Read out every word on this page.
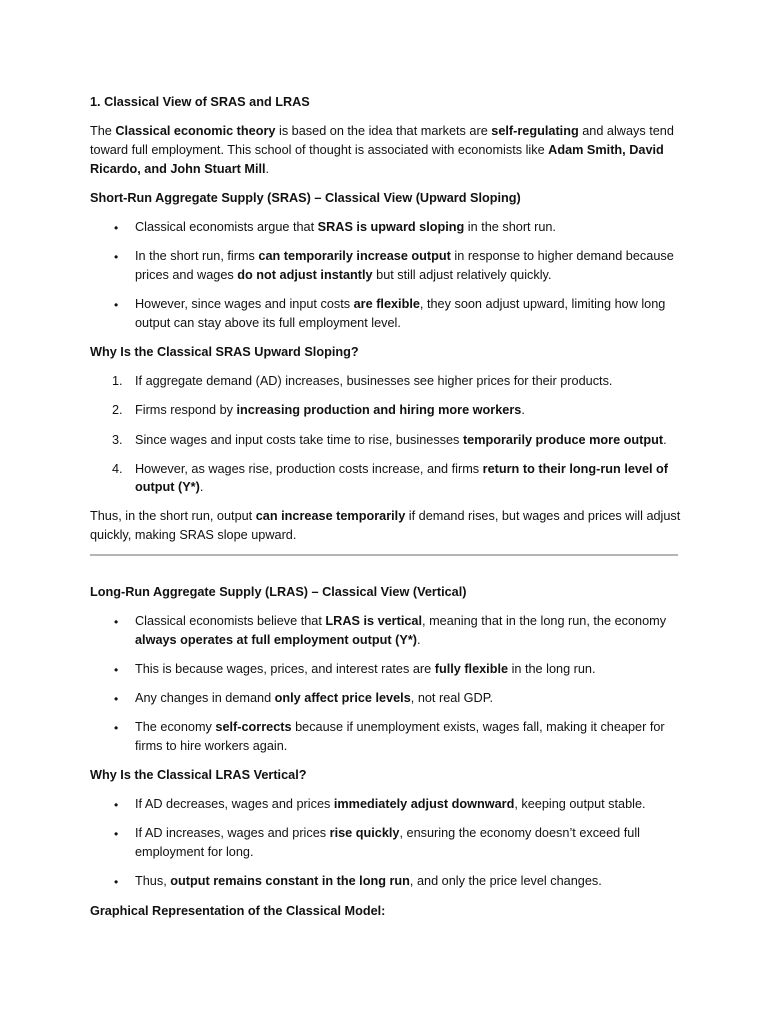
1. Classical View of SRAS and LRAS
The Classical economic theory is based on the idea that markets are self-regulating and always tend
toward full employment. This school of thought is associated with economists like Adam Smith, David
Ricardo, and John Stuart Mill.
Short-Run Aggregate Supply (SRAS) – Classical View (Upward Sloping)
• Classical economists argue that SRAS is upward sloping in the short run.
• In the short run, firms can temporarily increase output in response to higher demand because
prices and wages do not adjust instantly but still adjust relatively quickly.
• However, since wages and input costs are flexible, they soon adjust upward, limiting how long
output can stay above its full employment level.
Why Is the Classical SRAS Upward Sloping?
1. If aggregate demand (AD) increases, businesses see higher prices for their products.
2. Firms respond by increasing production and hiring more workers.
3. Since wages and input costs take time to rise, businesses temporarily produce more output.
4. However, as wages rise, production costs increase, and firms return to their long-run level of
output (Y*).
Thus, in the short run, output can increase temporarily if demand rises, but wages and prices will adjust
quickly, making SRAS slope upward.
Long-Run Aggregate Supply (LRAS) – Classical View (Vertical)
• Classical economists believe that LRAS is vertical, meaning that in the long run, the economy
always operates at full employment output (Y*).
• This is because wages, prices, and interest rates are fully flexible in the long run.
• Any changes in demand only affect price levels, not real GDP.
• The economy self-corrects because if unemployment exists, wages fall, making it cheaper for
firms to hire workers again.
Why Is the Classical LRAS Vertical?
• If AD decreases, wages and prices immediately adjust downward, keeping output stable.
• If AD increases, wages and prices rise quickly, ensuring the economy doesn’t exceed full
employment for long.
• Thus, output remains constant in the long run, and only the price level changes.
Graphical Representation of the Classical Model:
